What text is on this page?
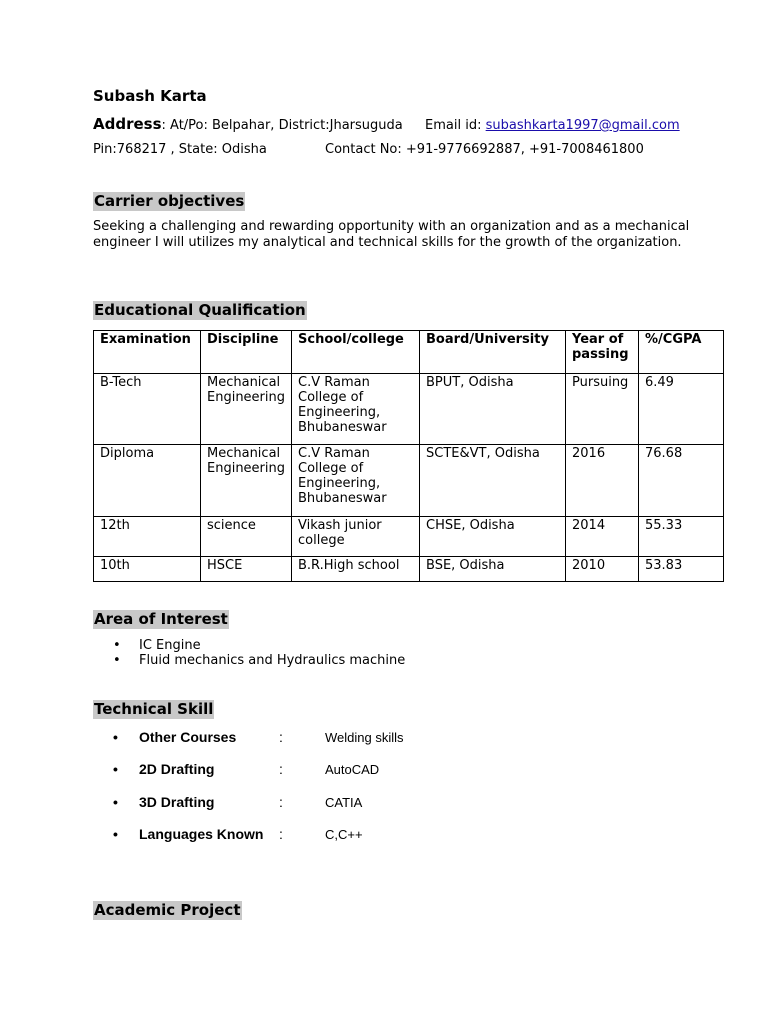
Subash Karta
Address: At/Po: Belpahar, District:Jharsuguda Email id: subashkarta1997@gmail.com
Pin:768217 , State: Odisha	Contact No: +91-9776692887, +91-7008461800
Carrier objectives
Seeking a challenging and rewarding opportunity with an organization and as a mechanical engineer I will utilizes my analytical and technical skills for the growth of the organization.
Educational Qualification
Examination	Discipline	School/college	Board/University	Year of passing	%/CGPA
B-Tech	Mechanical Engineering	C.V Raman College of Engineering, Bhubaneswar	BPUT, Odisha	Pursuing	6.49
Diploma	Mechanical Engineering	C.V Raman College of Engineering, Bhubaneswar	SCTE&VT, Odisha	2016	76.68
12th	science	Vikash junior college	CHSE, Odisha	2014	55.33
10th	HSCE	B.R.High school	BSE, Odisha	2010	53.83
Area of Interest
• IC Engine
• Fluid mechanics and Hydraulics machine
Technical Skill
• Other Courses	:	Welding skills
• 2D Drafting	:	AutoCAD
• 3D Drafting	:	CATIA
• Languages Known :	C,C++
Academic Project
